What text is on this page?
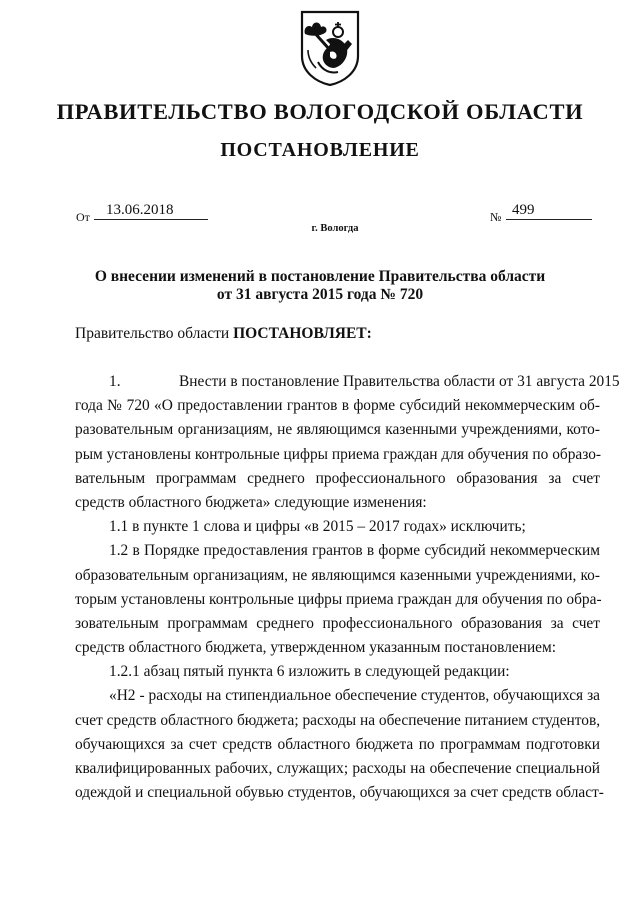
ПРАВИТЕЛЬСТВО ВОЛОГОДСКОЙ ОБЛАСТИ
ПОСТАНОВЛЕНИЕ
От	13.06.2018	№ 499
г. Вологда
О внесении изменений в постановление Правительства области
от 31 августа 2015 года № 720
Правительство области ПОСТАНОВЛЯЕТ:
1.	Внести в постановление Правительства области от 31 августа 2015
года № 720 «О предоставлении грантов в форме субсидий некоммерческим об-
разовательным организациям, не являющимся казенными учреждениями, кото-
рым установлены контрольные цифры приема граждан для обучения по образо-
вательным программам среднего профессионального образования за счет
средств областного бюджета» следующие изменения:
1.1 в пункте 1 слова и цифры «в 2015 – 2017 годах» исключить;
1.2 в Порядке предоставления грантов в форме субсидий некоммерческим
образовательным организациям, не являющимся казенными учреждениями, ко-
торым установлены контрольные цифры приема граждан для обучения по обра-
зовательным программам среднего профессионального образования за счет
средств областного бюджета, утвержденном указанным постановлением:
1.2.1 абзац пятый пункта 6 изложить в следующей редакции:
«Н2 - расходы на стипендиальное обеспечение студентов, обучающихся за
счет средств областного бюджета; расходы на обеспечение питанием студентов,
обучающихся за счет средств областного бюджета по программам подготовки
квалифицированных рабочих, служащих; расходы на обеспечение специальной
одеждой и специальной обувью студентов, обучающихся за счет средств област-
